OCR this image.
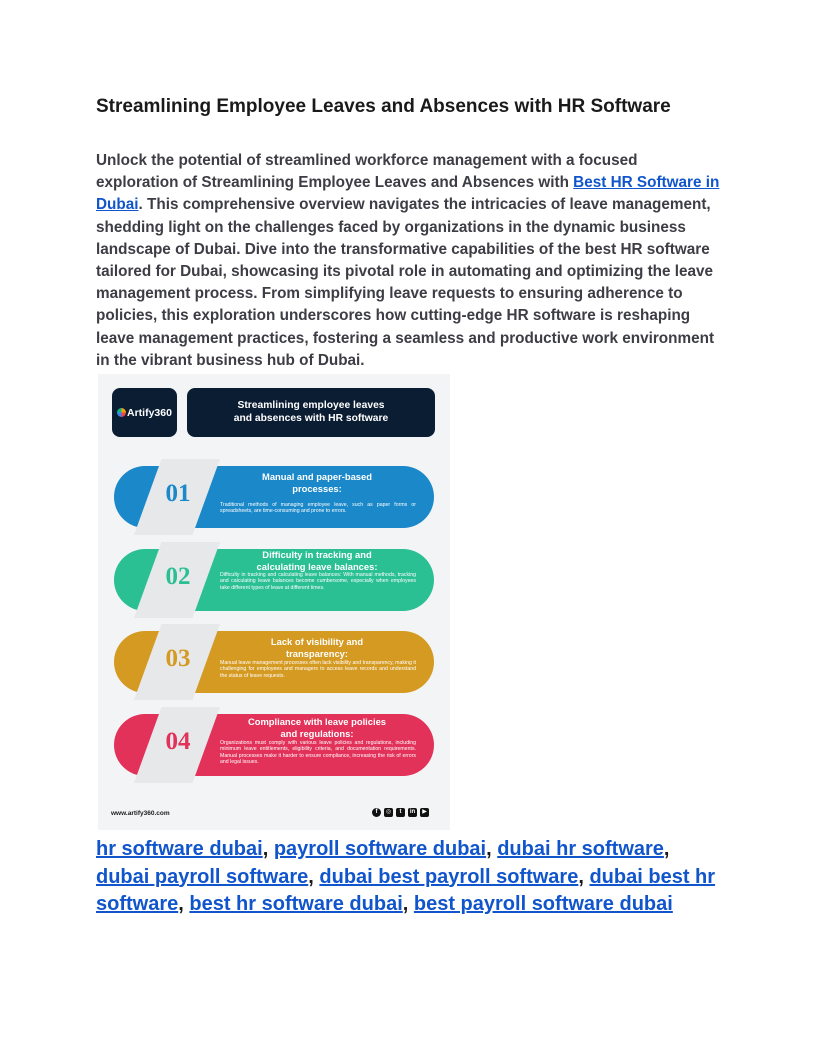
Streamlining Employee Leaves and Absences with HR Software

Unlock the potential of streamlined workforce management with a focused exploration of Streamlining Employee Leaves and Absences with Best HR Software in Dubai. This comprehensive overview navigates the intricacies of leave management, shedding light on the challenges faced by organizations in the dynamic business landscape of Dubai. Dive into the transformative capabilities of the best HR software tailored for Dubai, showcasing its pivotal role in automating and optimizing the leave management process. From simplifying leave requests to ensuring adherence to policies, this exploration underscores how cutting-edge HR software is reshaping leave management practices, fostering a seamless and productive work environment in the vibrant business hub of Dubai.

Artify360
Streamlining employee leaves and absences with HR software
01
Manual and paper-based processes:
Traditional methods of managing employee leave, such as paper forms or spreadsheets, are time-consuming and prone to errors.
02
Difficulty in tracking and calculating leave balances:
Difficulty in tracking and calculating leave balances: With manual methods, tracking and calculating leave balances become cumbersome, especially when employees take different types of leave at different times.
03
Lack of visibility and transparency:
Manual leave management processes often lack visibility and transparency, making it challenging for employees and managers to access leave records and understand the status of leave requests.
04
Compliance with leave policies and regulations:
Organizations must comply with various leave policies and regulations, including minimum leave entitlements, eligibility criteria, and documentation requirements. Manual processes make it harder to ensure compliance, increasing the risk of errors and legal issues.
www.artify360.com	f	◎	t	in	▶

hr software dubai, payroll software dubai, dubai hr software, dubai payroll software, dubai best payroll software, dubai best hr software, best hr software dubai, best payroll software dubai
